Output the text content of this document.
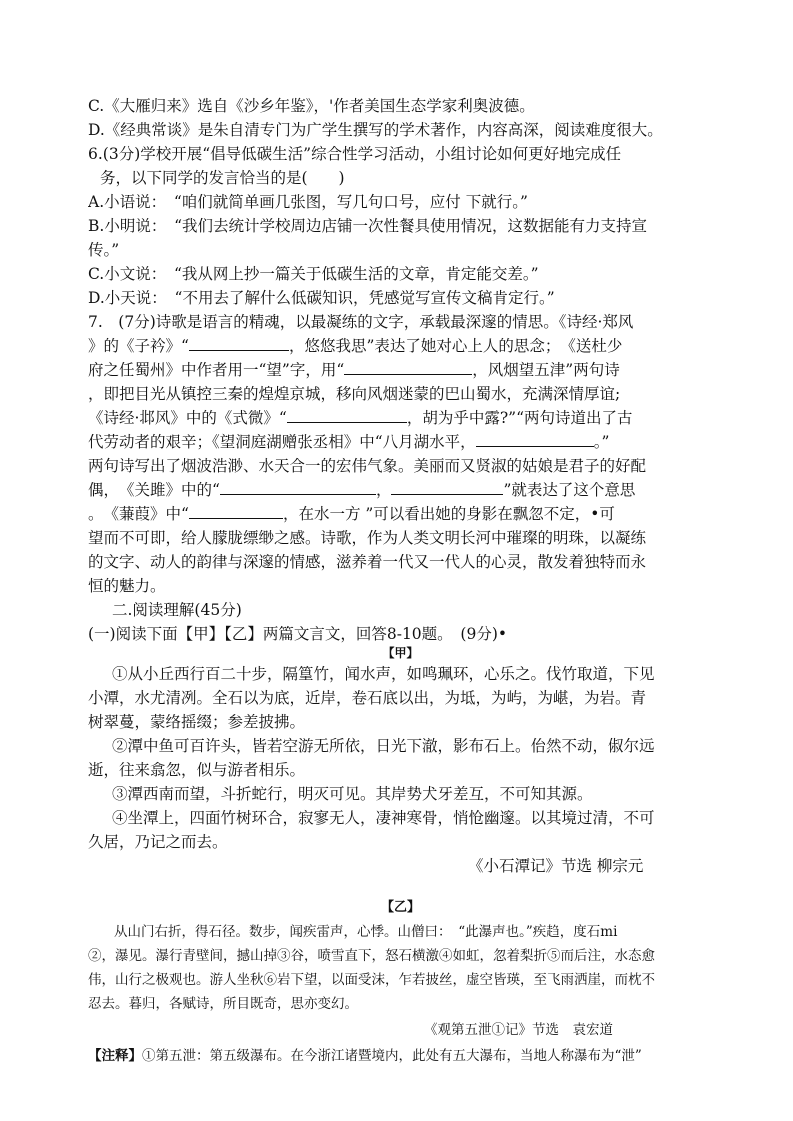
C.《大雁归来》选自《沙乡年鉴》，'作者美国生态学家利奥波德。
D.《经典常谈》是朱自清专门为广学生撰写的学术著作，内容高深，阅读难度很大。
6.(3分)学校开展“倡导低碳生活”综合性学习活动，小组讨论如何更好地完成任
务，以下同学的发言恰当的是(　　)
A.小语说：　“咱们就简单画几张图，写几句口号，应付 下就行。”
B.小明说：　“我们去统计学校周边店铺一次性餐具使用情况，这数据能有力支持宣
传。”
C.小文说：　“我从网上抄一篇关于低碳生活的文章，肯定能交差。”
D.小天说：　“不用去了解什么低碳知识，凭感觉写宣传文稿肯定行。”
7.　(7分)诗歌是语言的精魂，以最凝练的文字，承载最深邃的情思。《诗经·郑风
》的《子衿》“	，悠悠我思”表达了她对心上人的思念；　《送杜少
府之任蜀州》中作者用一“望”字，用“	，风烟望五津”两句诗
，即把目光从镇控三秦的煌煌京城，移向风烟迷蒙的巴山蜀水，充满深情厚谊;
《诗经·邶风》中的《式微》“	，胡为乎中露?”“两句诗道出了古
代劳动者的艰辛；《望洞庭湖赠张丞相》中“八月湖水平，	。”
两句诗写出了烟波浩渺、水天合一的宏伟气象。美丽而又贤淑的姑娘是君子的好配
偶，　《关雎》中的“	，	”就表达了这个意思
。　《蒹葭》中“	，在水一方 ”可以看出她的身影在飘忽不定，•可
望而不可即，给人朦胧缥缈之感。诗歌，作为人类文明长河中璀璨的明珠，以凝练
的文字、动人的韵律与深邃的情感，滋养着一代又一代人的心灵，散发着独特而永
恒的魅力。
二.阅读理解(45分)
(一)阅读下面【甲】【乙】两篇文言文，回答8-10题。　(9分)•
【甲】
①从小丘西行百二十步，隔篁竹，闻水声，如鸣珮环，心乐之。伐竹取道，下见
小潭，水尤清冽。全石以为底，近岸，卷石底以出，为坻，为屿，为嵁，为岩。青
树翠蔓，蒙络摇缀；参差披拂。
②潭中鱼可百许头，皆若空游无所依，日光下澈，影布石上。佁然不动，俶尔远
逝，往来翕忽，似与游者相乐。
③潭西南而望，斗折蛇行，明灭可见。其岸势犬牙差互，不可知其源。
④坐潭上，四面竹树环合，寂寥无人，凄神寒骨，悄怆幽邃。以其境过清，不可
久居，乃记之而去。
《小石潭记》节选 柳宗元
【乙】
从山门右折，得石径。数步，闻疾雷声，心悸。山僧曰：　“此瀑声也。”疾趋，度石mi
②，瀑见。瀑行青壁间，撼山掉③谷，喷雪直下，怒石横激④如虹，忽着梨折⑤而后注，水态愈
伟，山行之极观也。游人坐秋⑥岩下望，以面受沫，乍若披丝，虚空皆瑛，至飞雨洒崖，而枕不
忍去。暮归，各赋诗，所目既奇，思亦变幻。
《观第五泄①记》节选　袁宏道
【注释】①第五泄：第五级瀑布。在今浙江诸暨境内，此处有五大瀑布，当地人称瀑布为“泄”
